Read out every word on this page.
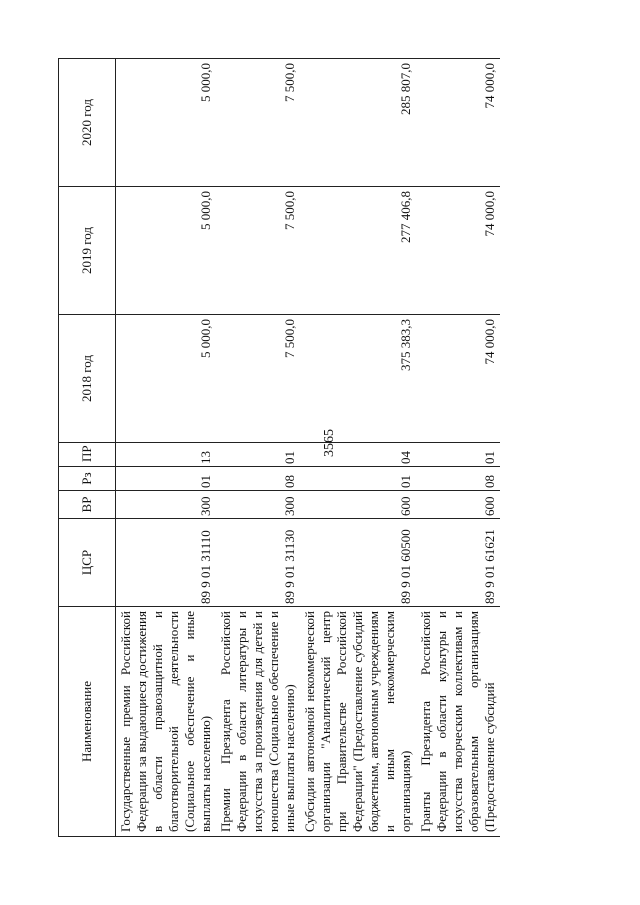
3565
Наименование	ЦСР	ВР	Рз	ПР	2018 год	2019 год	2020 год
Государственные премии Российской Федерации за выдающиеся достижения в области правозащитной и благотворительной деятельности (Социальное обеспечение и иные выплаты населению)	89 9 01 31110	300	01	13	5 000,0	5 000,0	5 000,0
Премии Президента Российской Федерации в области литературы и искусства за произведения для детей и юношества (Социальное обеспечение и иные выплаты населению)	89 9 01 31130	300	08	01	7 500,0	7 500,0	7 500,0
Субсидии автономной некоммерческой организации "Аналитический центр при Правительстве Российской Федерации" (Предоставление субсидий бюджетным, автономным учреждениям и иным некоммерческим организациям)	89 9 01 60500	600	01	04	375 383,3	277 406,8	285 807,0
Гранты Президента Российской Федерации в области культуры и искусства творческим коллективам и образовательным организациям (Предоставление субсидий	89 9 01 61621	600	08	01	74 000,0	74 000,0	74 000,0
